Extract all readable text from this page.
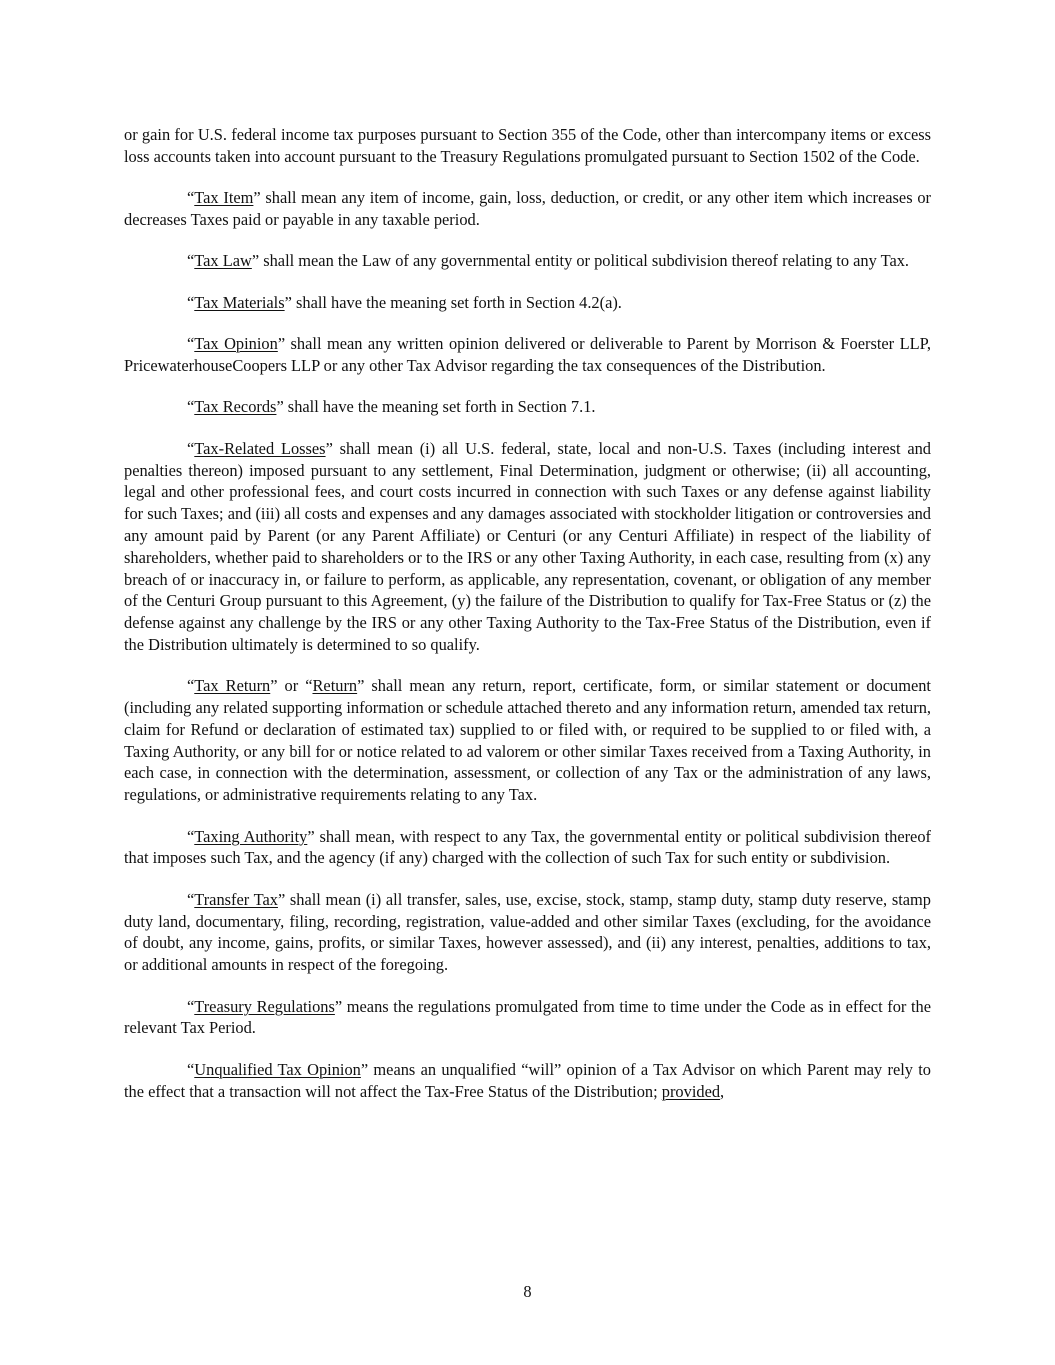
or gain for U.S. federal income tax purposes pursuant to Section 355 of the Code, other than intercompany items or excess loss accounts taken into account pursuant to the Treasury Regulations promulgated pursuant to Section 1502 of the Code.

“Tax Item” shall mean any item of income, gain, loss, deduction, or credit, or any other item which increases or decreases Taxes paid or payable in any taxable period.

“Tax Law” shall mean the Law of any governmental entity or political subdivision thereof relating to any Tax.

“Tax Materials” shall have the meaning set forth in Section 4.2(a).

“Tax Opinion” shall mean any written opinion delivered or deliverable to Parent by Morrison & Foerster LLP, PricewaterhouseCoopers LLP or any other Tax Advisor regarding the tax consequences of the Distribution.

“Tax Records” shall have the meaning set forth in Section 7.1.

“Tax-Related Losses” shall mean (i) all U.S. federal, state, local and non-U.S. Taxes (including interest and penalties thereon) imposed pursuant to any settlement, Final Determination, judgment or otherwise; (ii) all accounting, legal and other professional fees, and court costs incurred in connection with such Taxes or any defense against liability for such Taxes; and (iii) all costs and expenses and any damages associated with stockholder litigation or controversies and any amount paid by Parent (or any Parent Affiliate) or Centuri (or any Centuri Affiliate) in respect of the liability of shareholders, whether paid to shareholders or to the IRS or any other Taxing Authority, in each case, resulting from (x) any breach of or inaccuracy in, or failure to perform, as applicable, any representation, covenant, or obligation of any member of the Centuri Group pursuant to this Agreement, (y) the failure of the Distribution to qualify for Tax-Free Status or (z) the defense against any challenge by the IRS or any other Taxing Authority to the Tax-Free Status of the Distribution, even if the Distribution ultimately is determined to so qualify.

“Tax Return” or “Return” shall mean any return, report, certificate, form, or similar statement or document (including any related supporting information or schedule attached thereto and any information return, amended tax return, claim for Refund or declaration of estimated tax) supplied to or filed with, or required to be supplied to or filed with, a Taxing Authority, or any bill for or notice related to ad valorem or other similar Taxes received from a Taxing Authority, in each case, in connection with the determination, assessment, or collection of any Tax or the administration of any laws, regulations, or administrative requirements relating to any Tax.

“Taxing Authority” shall mean, with respect to any Tax, the governmental entity or political subdivision thereof that imposes such Tax, and the agency (if any) charged with the collection of such Tax for such entity or subdivision.

“Transfer Tax” shall mean (i) all transfer, sales, use, excise, stock, stamp, stamp duty, stamp duty reserve, stamp duty land, documentary, filing, recording, registration, value-added and other similar Taxes (excluding, for the avoidance of doubt, any income, gains, profits, or similar Taxes, however assessed), and (ii) any interest, penalties, additions to tax, or additional amounts in respect of the foregoing.

“Treasury Regulations” means the regulations promulgated from time to time under the Code as in effect for the relevant Tax Period.

“Unqualified Tax Opinion” means an unqualified “will” opinion of a Tax Advisor on which Parent may rely to the effect that a transaction will not affect the Tax-Free Status of the Distribution; provided,

8
